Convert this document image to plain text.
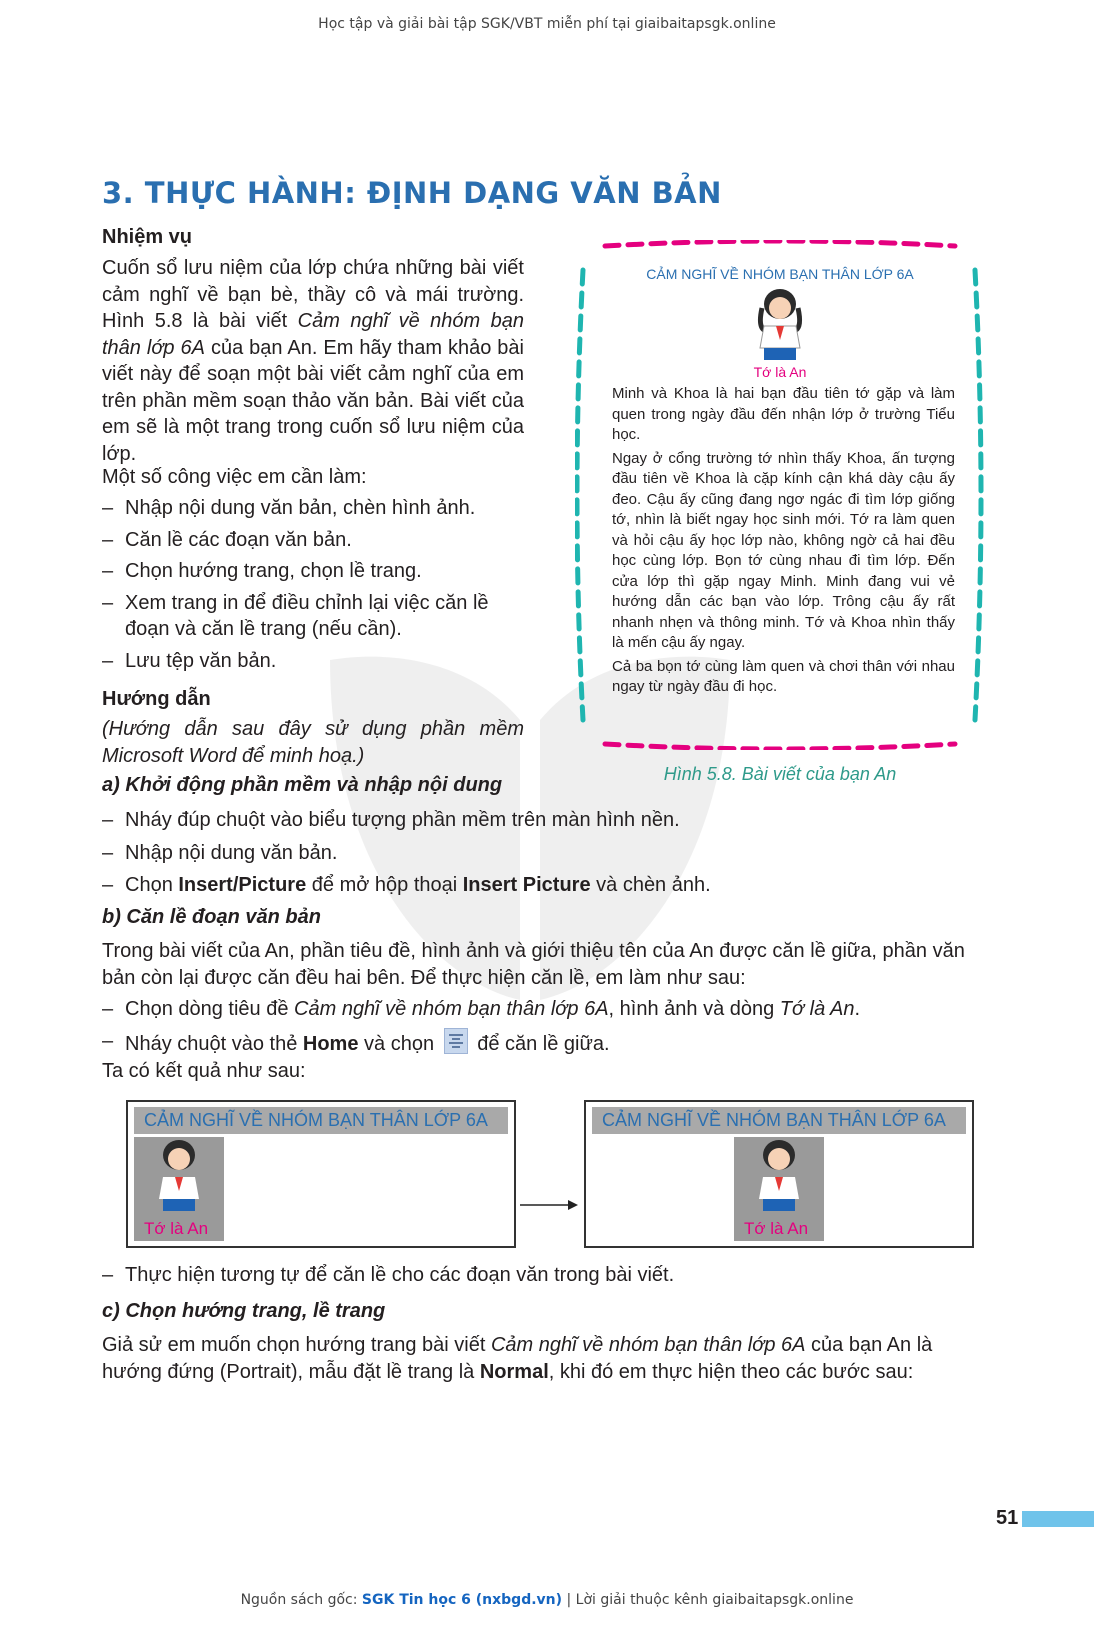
Học tập và giải bài tập SGK/VBT miễn phí tại giaibaitapsgk.online
3. THỰC HÀNH: ĐỊNH DẠNG VĂN BẢN
Nhiệm vụ
Cuốn sổ lưu niệm của lớp chứa những bài viết cảm nghĩ về bạn bè, thầy cô và mái trường. Hình 5.8 là bài viết Cảm nghĩ về nhóm bạn thân lớp 6A của bạn An. Em hãy tham khảo bài viết này để soạn một bài viết cảm nghĩ của em trên phần mềm soạn thảo văn bản. Bài viết của em sẽ là một trang trong cuốn sổ lưu niệm của lớp.
Một số công việc em cần làm:
– Nhập nội dung văn bản, chèn hình ảnh.
– Căn lề các đoạn văn bản.
– Chọn hướng trang, chọn lề trang.
– Xem trang in để điều chỉnh lại việc căn lề đoạn và căn lề trang (nếu cần).
– Lưu tệp văn bản.
Hướng dẫn
(Hướng dẫn sau đây sử dụng phần mềm Microsoft Word để minh hoạ.)
CẢM NGHĨ VỀ NHÓM BẠN THÂN LỚP 6A
Tớ là An

Minh và Khoa là hai bạn đầu tiên tớ gặp và làm quen trong ngày đầu đến nhận lớp ở trường Tiểu học.

Ngay ở cổng trường tớ nhìn thấy Khoa, ấn tượng đầu tiên về Khoa là cặp kính cận khá dày cậu ấy đeo. Cậu ấy cũng đang ngơ ngác đi tìm lớp giống tớ, nhìn là biết ngay học sinh mới. Tớ ra làm quen và hỏi cậu ấy học lớp nào, không ngờ cả hai đều học cùng lớp. Bọn tớ cùng nhau đi tìm lớp. Đến cửa lớp thì gặp ngay Minh. Minh đang vui vẻ hướng dẫn các bạn vào lớp. Trông cậu ấy rất nhanh nhẹn và thông minh. Tớ và Khoa nhìn thấy là mến cậu ấy ngay.

Cả ba bọn tớ cùng làm quen và chơi thân với nhau ngay từ ngày đầu đi học.

Hình 5.8. Bài viết của bạn An
a) Khởi động phần mềm và nhập nội dung
– Nháy đúp chuột vào biểu tượng phần mềm trên màn hình nền.
– Nhập nội dung văn bản.
– Chọn Insert/Picture để mở hộp thoại Insert Picture và chèn ảnh.
b) Căn lề đoạn văn bản
Trong bài viết của An, phần tiêu đề, hình ảnh và giới thiệu tên của An được căn lề giữa, phần văn bản còn lại được căn đều hai bên. Để thực hiện căn lề, em làm như sau:
– Chọn dòng tiêu đề Cảm nghĩ về nhóm bạn thân lớp 6A, hình ảnh và dòng Tớ là An.
– Nháy chuột vào thẻ Home và chọn để căn lề giữa.
Ta có kết quả như sau:
CẢM NGHĨ VỀ NHÓM BẠN THÂN LỚP 6A
Tớ là An
CẢM NGHĨ VỀ NHÓM BẠN THÂN LỚP 6A
Tớ là An
– Thực hiện tương tự để căn lề cho các đoạn văn trong bài viết.
c) Chọn hướng trang, lề trang
Giả sử em muốn chọn hướng trang bài viết Cảm nghĩ về nhóm bạn thân lớp 6A của bạn An là hướng đứng (Portrait), mẫu đặt lề trang là Normal, khi đó em thực hiện theo các bước sau:
51
Nguồn sách gốc: SGK Tin học 6 (nxbgd.vn) | Lời giải thuộc kênh giaibaitapsgk.online
